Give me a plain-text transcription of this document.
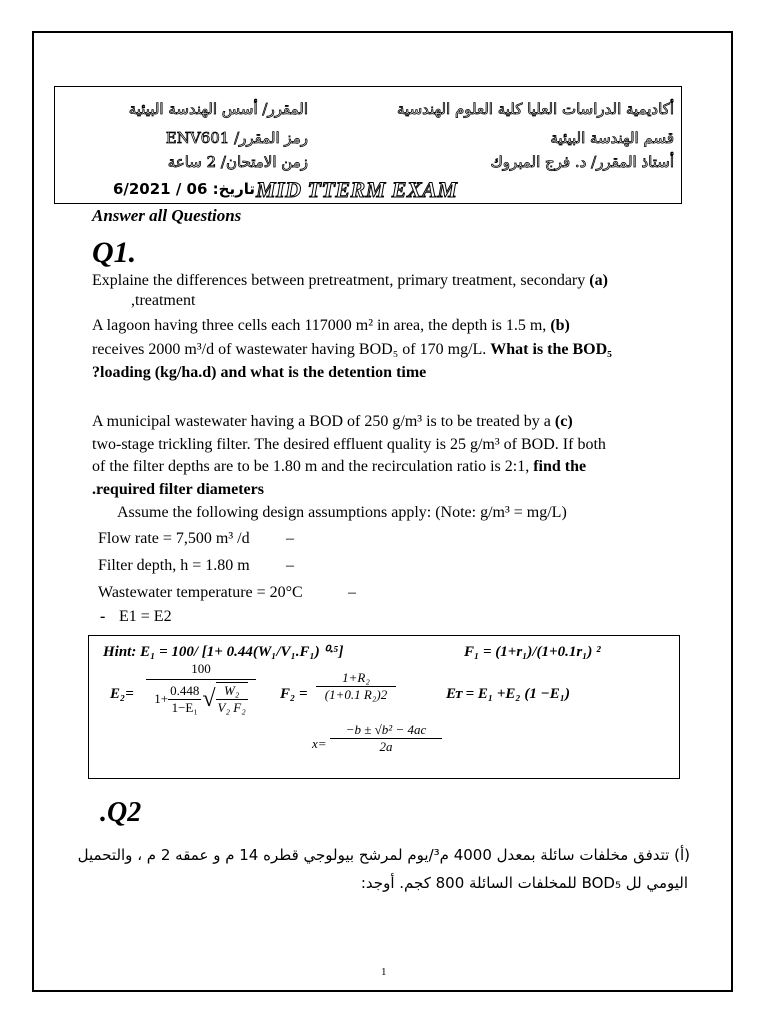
أكاديمية الدراسات العليا كلية العلوم الهندسية
قسم الهندسة البيئية
أستاذ المقرر/ د. فرج المبروك
المقرر/ أسس الهندسة البيئية
رمز المقرر/ ENV601
زمن الامتحان/ 2 ساعة
تاريخ: 06 / 6/2021 MID TTERM EXAM
Answer all Questions
Q1.
Explaine the differences between pretreatment, primary treatment, secondary (a)
,treatment
A lagoon having three cells each 117000 m² in area, the depth is 1.5 m, (b)
receives 2000 m³/d of wastewater having BOD₅ of 170 mg/L. What is the BOD₅
?loading (kg/ha.d) and what is the detention time
A municipal wastewater having a BOD of 250 g/m³ is to be treated by a (c)
two-stage trickling filter. The desired effluent quality is 25 g/m³ of BOD. If both
of the filter depths are to be 1.80 m and the recirculation ratio is 2:1, find the
.required filter diameters
Assume the following design assumptions apply: (Note: g/m³ = mg/L)
Flow rate = 7,500 m³ /d –
Filter depth, h = 1.80 m –
Wastewater temperature = 20°C	–
- E1 = E2
Hint: E₁ = 100/ [1+ 0.44(W₁/V₁.F₁) ⁰·⁵]	F₁ = (1+r₁)/(1+0.1r₁) ²
E₂=
100
$1+ \frac{0.448}{\text{1−E₁}}$ √ $\frac{\text{W₂}}{\text{V₂ F₂}} F_2 = \frac{\text{1+R₂}}{\text{(1+0.1 R₂)2}}$	Eᴛ = E₁ +E₂ (1 −E₁)
$x= \frac{\text{−b ± √b² − 4ac}}{2a}$
.Q2
(أ) تتدفق مخلفات سائلة بمعدل 4000 م³/يوم لمرشح بيولوجي قطره 14 م و عمقه 2 م ، والتحميل
اليومي لل BOD₅ للمخلفات السائلة 800 كجم. أوجد:
1
